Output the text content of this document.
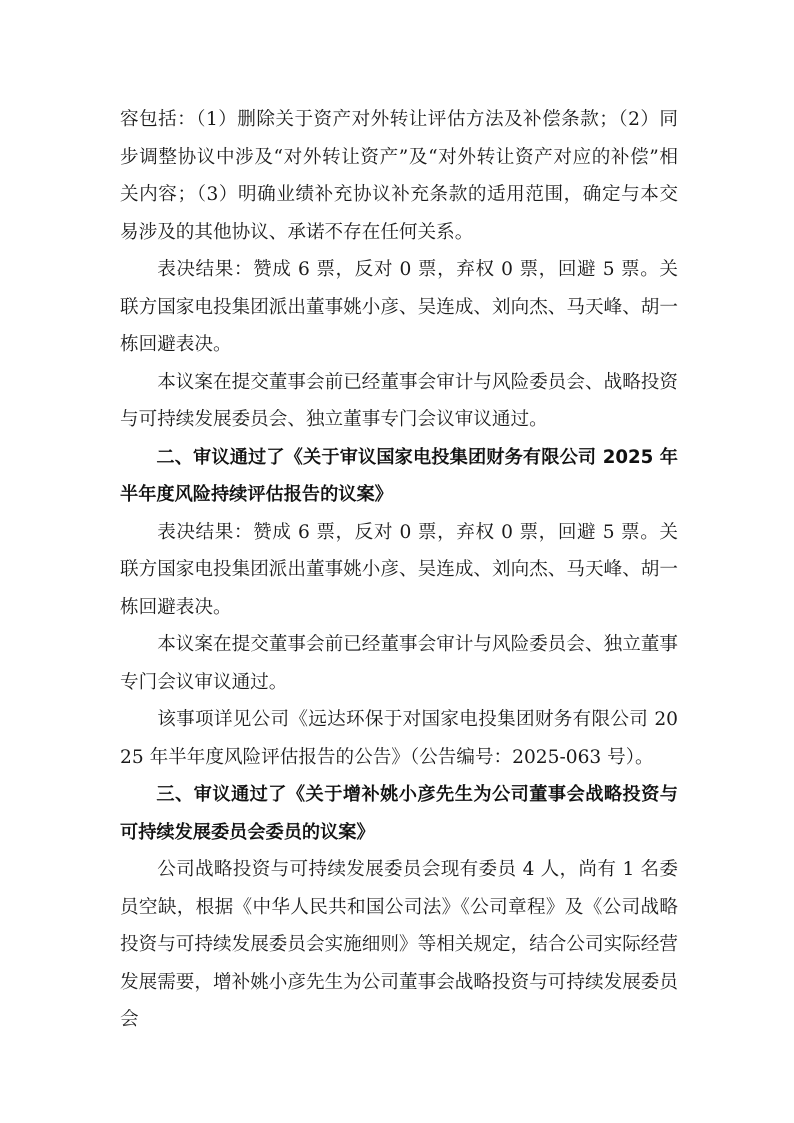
容包括：（1）删除关于资产对外转让评估方法及补偿条款；（2）同步调整协议中涉及“对外转让资产”及“对外转让资产对应的补偿”相关内容；（3）明确业绩补充协议补充条款的适用范围，确定与本交易涉及的其他协议、承诺不存在任何关系。

表决结果：赞成 6 票，反对 0 票，弃权 0 票，回避 5 票。关联方国家电投集团派出董事姚小彦、吴连成、刘向杰、马天峰、胡一栋回避表决。

本议案在提交董事会前已经董事会审计与风险委员会、战略投资与可持续发展委员会、独立董事专门会议审议通过。

二、审议通过了《关于审议国家电投集团财务有限公司 2025 年半年度风险持续评估报告的议案》

表决结果：赞成 6 票，反对 0 票，弃权 0 票，回避 5 票。关联方国家电投集团派出董事姚小彦、吴连成、刘向杰、马天峰、胡一栋回避表决。

本议案在提交董事会前已经董事会审计与风险委员会、独立董事专门会议审议通过。

该事项详见公司《远达环保于对国家电投集团财务有限公司 2025 年半年度风险评估报告的公告》（公告编号：2025-063 号）。

三、审议通过了《关于增补姚小彦先生为公司董事会战略投资与可持续发展委员会委员的议案》

公司战略投资与可持续发展委员会现有委员 4 人，尚有 1 名委员空缺，根据《中华人民共和国公司法》《公司章程》及《公司战略投资与可持续发展委员会实施细则》等相关规定，结合公司实际经营发展需要，增补姚小彦先生为公司董事会战略投资与可持续发展委员会
